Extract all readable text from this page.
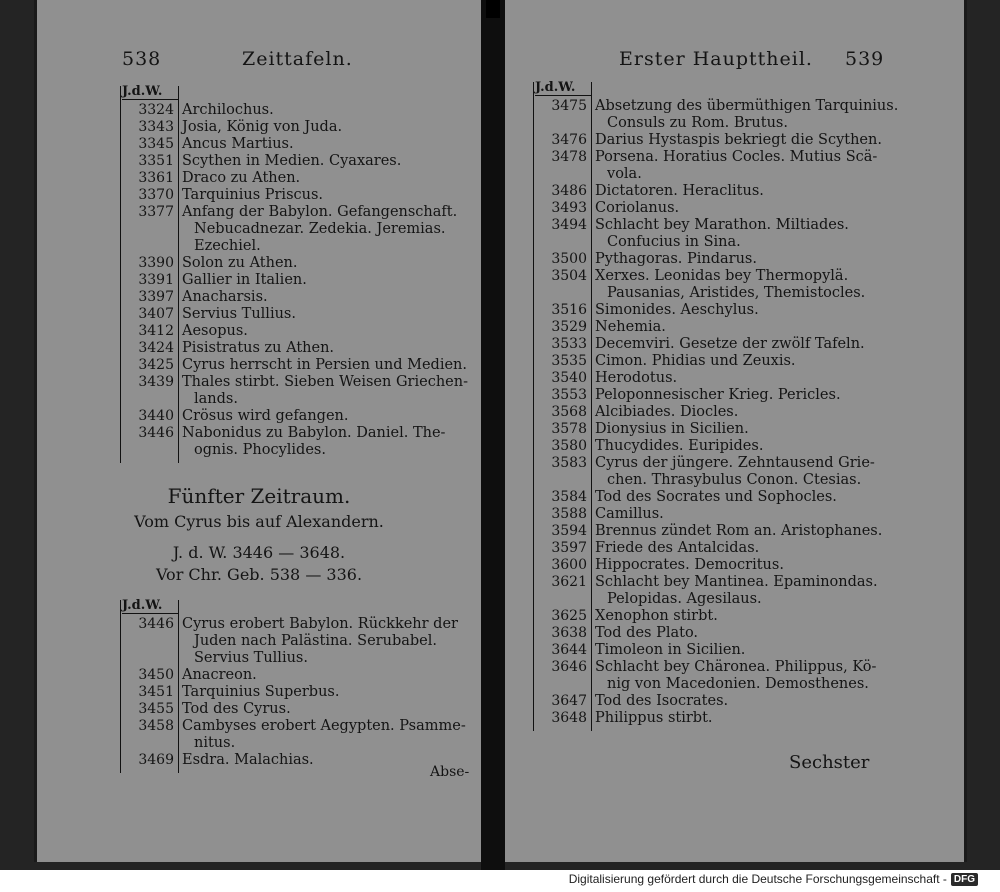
538	Zeittafeln.
J.d.W.
3324 Archilochus.
3343 Josia, König von Juda.
3345 Ancus Martius.
3351 Scythen in Medien. Cyaxares.
3361 Draco zu Athen.
3370 Tarquinius Priscus.
3377 Anfang der Babylon. Gefangenschaft.
Nebucadnezar. Zedekia. Jeremias.
Ezechiel.
3390 Solon zu Athen.
3391 Gallier in Italien.
3397 Anacharsis.
3407 Servius Tullius.
3412 Aesopus.
3424 Pisistratus zu Athen.
3425 Cyrus herrscht in Persien und Medien.
3439 Thales stirbt. Sieben Weisen Griechen-
lands.
3440 Crösus wird gefangen.
3446 Nabonidus zu Babylon. Daniel. The-
ognis. Phocylides.
Fünfter Zeitraum.
Vom Cyrus bis auf Alexandern.
J. d. W. 3446 — 3648.
Vor Chr. Geb. 538 — 336.
J.d.W.
3446 Cyrus erobert Babylon. Rückkehr der
Juden nach Palästina. Serubabel.
Servius Tullius.
3450 Anacreon.
3451 Tarquinius Superbus.
3455 Tod des Cyrus.
3458 Cambyses erobert Aegypten. Psamme-
nitus.
3469 Esdra. Malachias.
Abse-
Erster Haupttheil. 539
J.d.W.
3475 Absetzung des übermüthigen Tarquinius.
Consuls zu Rom. Brutus.
3476 Darius Hystaspis bekriegt die Scythen.
3478 Porsena. Horatius Cocles. Mutius Scä-
vola.
3486 Dictatoren. Heraclitus.
3493 Coriolanus.
3494 Schlacht bey Marathon. Miltiades.
Confucius in Sina.
3500 Pythagoras. Pindarus.
3504 Xerxes. Leonidas bey Thermopylä.
Pausanias, Aristides, Themistocles.
3516 Simonides. Aeschylus.
3529 Nehemia.
3533 Decemviri. Gesetze der zwölf Tafeln.
3535 Cimon. Phidias und Zeuxis.
3540 Herodotus.
3553 Peloponnesischer Krieg. Pericles.
3568 Alcibiades. Diocles.
3578 Dionysius in Sicilien.
3580 Thucydides. Euripides.
3583 Cyrus der jüngere. Zehntausend Grie-
chen. Thrasybulus Conon. Ctesias.
3584 Tod des Socrates und Sophocles.
3588 Camillus.
3594 Brennus zündet Rom an. Aristophanes.
3597 Friede des Antalcidas.
3600 Hippocrates. Democritus.
3621 Schlacht bey Mantinea. Epaminondas.
Pelopidas. Agesilaus.
3625 Xenophon stirbt.
3638 Tod des Plato.
3644 Timoleon in Sicilien.
3646 Schlacht bey Chäronea. Philippus, Kö-
nig von Macedonien. Demosthenes.
3647 Tod des Isocrates.
3648 Philippus stirbt.
Sechster
Digitalisierung gefördert durch die Deutsche Forschungsgemeinschaft - DFG
